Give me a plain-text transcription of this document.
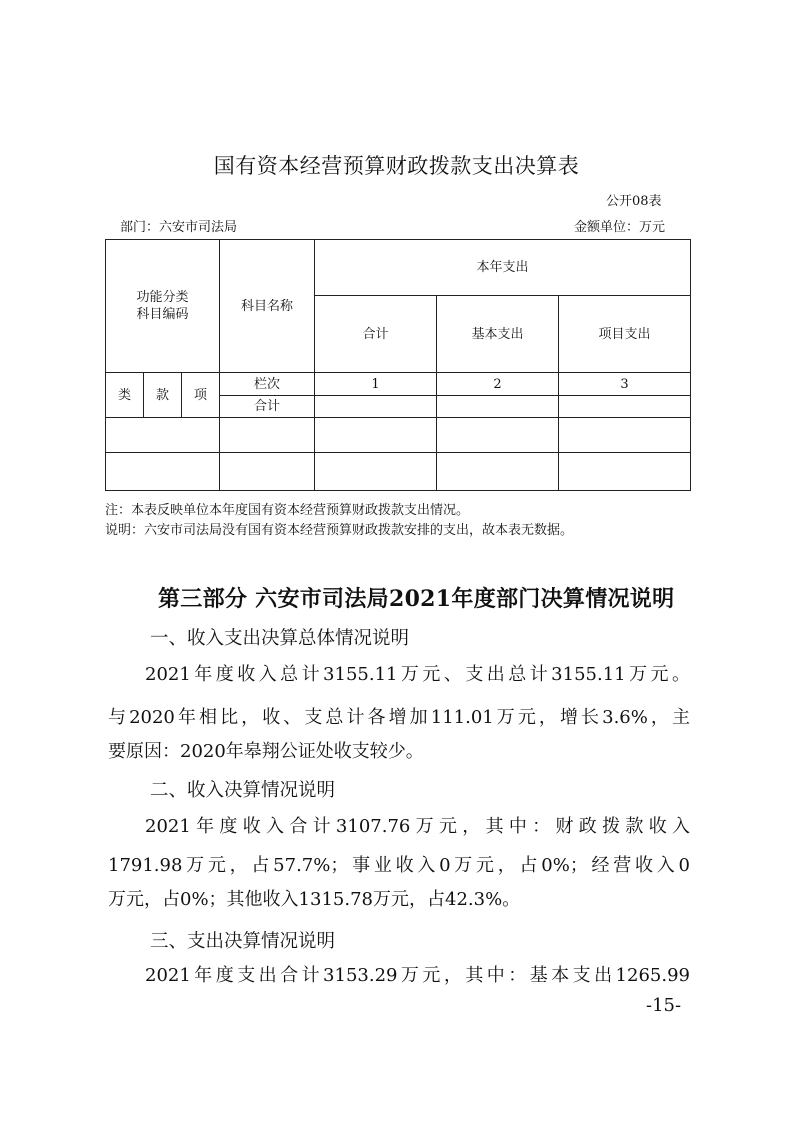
国有资本经营预算财政拨款支出决算表
公开08表
部门：六安市司法局	金额单位：万元
功能分类
科目编码			科目名称	本年支出		
				合计	基本支出	项目支出
类	款	项	栏次	1	2	3
			合计			

注：本表反映单位本年度国有资本经营预算财政拨款支出情况。
说明：六安市司法局没有国有资本经营预算财政拨款安排的支出，故本表无数据。
第三部分 六安市司法局2021年度部门决算情况说明
一、收入支出决算总体情况说明
2021年度收入总计3155.11万元、支出总计3155.11万元。
与2020年相比，收、支总计各增加111.01万元，增长3.6%，主
要原因：2020年皋翔公证处收支较少。
二、收入决算情况说明
2021年度收入合计3107.76万元，其中：财政拨款收入
1791.98万元，占57.7%；事业收入0万元，占0%；经营收入0
万元，占0%；其他收入1315.78万元，占42.3%。
三、支出决算情况说明
2021年度支出合计3153.29万元，其中：基本支出1265.99
-15-
